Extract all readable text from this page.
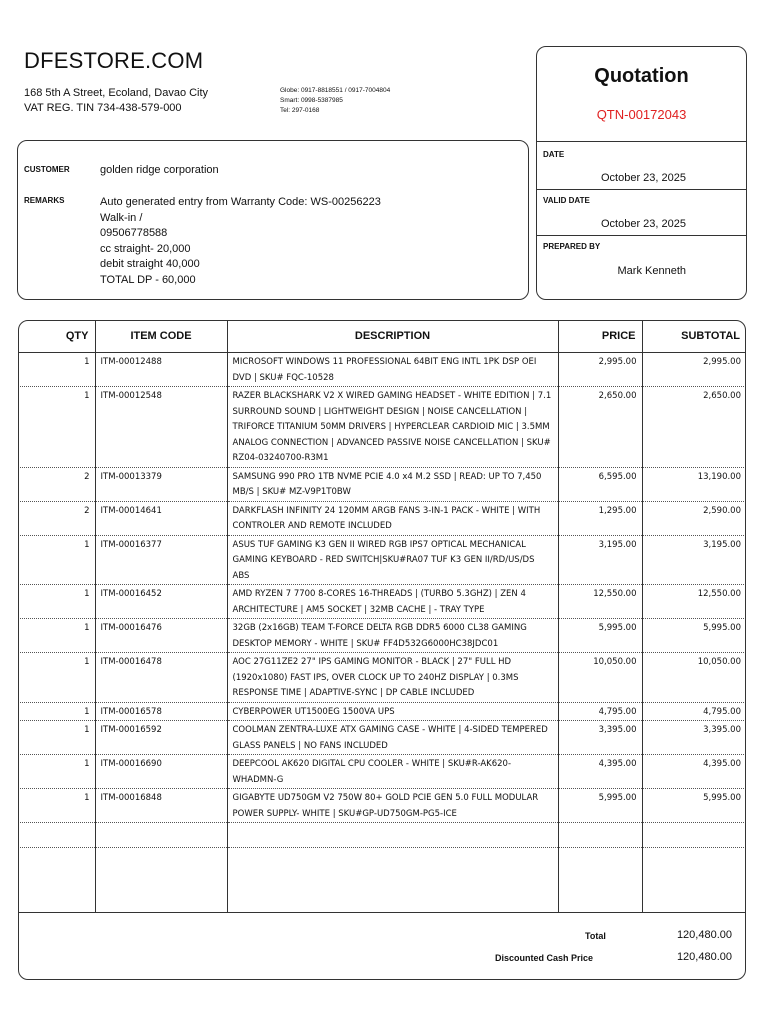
DFESTORE.COM
168 5th A Street, Ecoland, Davao City
VAT REG. TIN 734-438-579-000
Globe: 0917-8818551 / 0917-7004804
Smart: 0998-5387985
Tel: 297-0168
Quotation
QTN-00172043
DATE
October 23, 2025
VALID DATE
October 23, 2025
PREPARED BY
Mark Kenneth
CUSTOMER	golden ridge corporation
REMARKS	Auto generated entry from Warranty Code: WS-00256223
Walk-in /
09506778588
cc straight- 20,000
debit straight 40,000
TOTAL DP - 60,000
QTY	ITEM CODE	DESCRIPTION	PRICE	SUBTOTAL
1	ITM-00012488	MICROSOFT WINDOWS 11 PROFESSIONAL 64BIT ENG INTL 1PK DSP OEI DVD | SKU# FQC-10528	2,995.00	2,995.00
1	ITM-00012548	RAZER BLACKSHARK V2 X WIRED GAMING HEADSET - WHITE EDITION | 7.1 SURROUND SOUND | LIGHTWEIGHT DESIGN | NOISE CANCELLATION | TRIFORCE TITANIUM 50MM DRIVERS | HYPERCLEAR CARDIOID MIC | 3.5MM ANALOG CONNECTION | ADVANCED PASSIVE NOISE CANCELLATION | SKU# RZ04-03240700-R3M1	2,650.00	2,650.00
2	ITM-00013379	SAMSUNG 990 PRO 1TB NVME PCIE 4.0 x4 M.2 SSD | READ: UP TO 7,450 MB/S | SKU# MZ-V9P1T0BW	6,595.00	13,190.00
2	ITM-00014641	DARKFLASH INFINITY 24 120MM ARGB FANS 3-IN-1 PACK - WHITE | WITH CONTROLER AND REMOTE INCLUDED	1,295.00	2,590.00
1	ITM-00016377	ASUS TUF GAMING K3 GEN II WIRED RGB IPS7 OPTICAL MECHANICAL GAMING KEYBOARD - RED SWITCH|SKU#RA07 TUF K3 GEN II/RD/US/DS ABS	3,195.00	3,195.00
1	ITM-00016452	AMD RYZEN 7 7700 8-CORES 16-THREADS | (TURBO 5.3GHZ) | ZEN 4 ARCHITECTURE | AM5 SOCKET | 32MB CACHE | - TRAY TYPE	12,550.00	12,550.00
1	ITM-00016476	32GB (2x16GB) TEAM T-FORCE DELTA RGB DDR5 6000 CL38 GAMING DESKTOP MEMORY - WHITE | SKU# FF4D532G6000HC38JDC01	5,995.00	5,995.00
1	ITM-00016478	AOC 27G11ZE2 27" IPS GAMING MONITOR - BLACK | 27" FULL HD (1920x1080) FAST IPS, OVER CLOCK UP TO 240HZ DISPLAY | 0.3MS RESPONSE TIME | ADAPTIVE-SYNC | DP CABLE INCLUDED	10,050.00	10,050.00
1	ITM-00016578	CYBERPOWER UT1500EG 1500VA UPS	4,795.00	4,795.00
1	ITM-00016592	COOLMAN ZENTRA-LUXE ATX GAMING CASE - WHITE | 4-SIDED TEMPERED GLASS PANELS | NO FANS INCLUDED	3,395.00	3,395.00
1	ITM-00016690	DEEPCOOL AK620 DIGITAL CPU COOLER - WHITE | SKU#R-AK620-WHADMN-G	4,395.00	4,395.00
1	ITM-00016848	GIGABYTE UD750GM V2 750W 80+ GOLD PCIE GEN 5.0 FULL MODULAR POWER SUPPLY- WHITE | SKU#GP-UD750GM-PG5-ICE	5,995.00	5,995.00

Total	120,480.00
Discounted Cash Price	120,480.00
